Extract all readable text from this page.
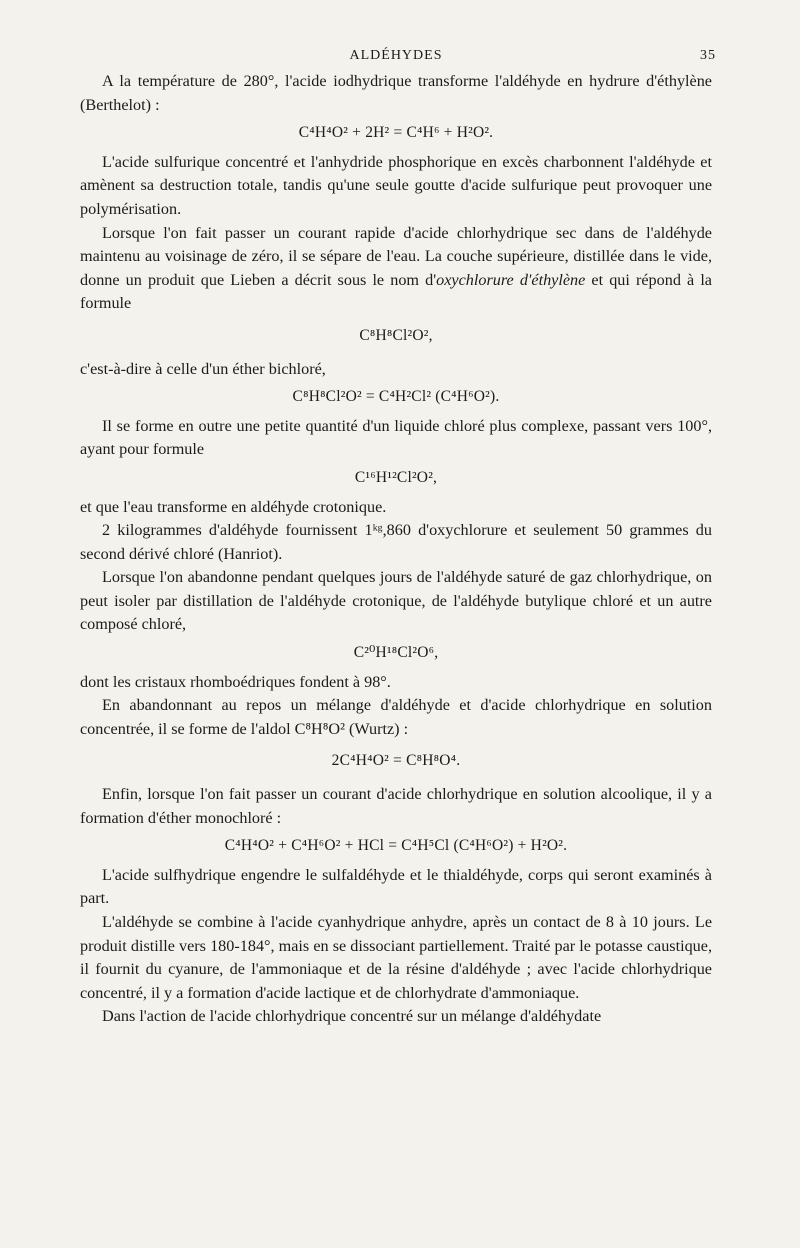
ALDÉHYDES	35

A la température de 280°, l'acide iodhydrique transforme l'aldéhyde en hydrure d'éthylène (Berthelot) :

C⁴H⁴O² + 2H² = C⁴H⁶ + H²O².

L'acide sulfurique concentré et l'anhydride phosphorique en excès charbonnent l'aldéhyde et amènent sa destruction totale, tandis qu'une seule goutte d'acide sulfurique peut provoquer une polymérisation.

Lorsque l'on fait passer un courant rapide d'acide chlorhydrique sec dans de l'aldéhyde maintenu au voisinage de zéro, il se sépare de l'eau. La couche supérieure, distillée dans le vide, donne un produit que Lieben a décrit sous le nom d'oxychlorure d'éthylène et qui répond à la formule

C⁸H⁸Cl²O²,

c'est-à-dire à celle d'un éther bichloré,

C⁸H⁸Cl²O² = C⁴H²Cl² (C⁴H⁶O²).

Il se forme en outre une petite quantité d'un liquide chloré plus complexe, passant vers 100°, ayant pour formule

C¹⁶H¹²Cl²O²,

et que l'eau transforme en aldéhyde crotonique.

2 kilogrammes d'aldéhyde fournissent 1ᵏᵍ,860 d'oxychlorure et seulement 50 grammes du second dérivé chloré (Hanriot).

Lorsque l'on abandonne pendant quelques jours de l'aldéhyde saturé de gaz chlorhydrique, on peut isoler par distillation de l'aldéhyde crotonique, de l'aldéhyde butylique chloré et un autre composé chloré,

C²⁰H¹⁸Cl²O⁶,

dont les cristaux rhomboédriques fondent à 98°.

En abandonnant au repos un mélange d'aldéhyde et d'acide chlorhydrique en solution concentrée, il se forme de l'aldol C⁸H⁸O² (Wurtz) :

2C⁴H⁴O² = C⁸H⁸O⁴.

Enfin, lorsque l'on fait passer un courant d'acide chlorhydrique en solution alcoolique, il y a formation d'éther monochloré :

C⁴H⁴O² + C⁴H⁶O² + HCl = C⁴H⁵Cl (C⁴H⁶O²) + H²O².

L'acide sulfhydrique engendre le sulfaldéhyde et le thialdéhyde, corps qui seront examinés à part.

L'aldéhyde se combine à l'acide cyanhydrique anhydre, après un contact de 8 à 10 jours. Le produit distille vers 180-184°, mais en se dissociant partiellement. Traité par le potasse caustique, il fournit du cyanure, de l'ammoniaque et de la résine d'aldéhyde ; avec l'acide chlorhydrique concentré, il y a formation d'acide lactique et de chlorhydrate d'ammoniaque.

Dans l'action de l'acide chlorhydrique concentré sur un mélange d'aldéhydate
